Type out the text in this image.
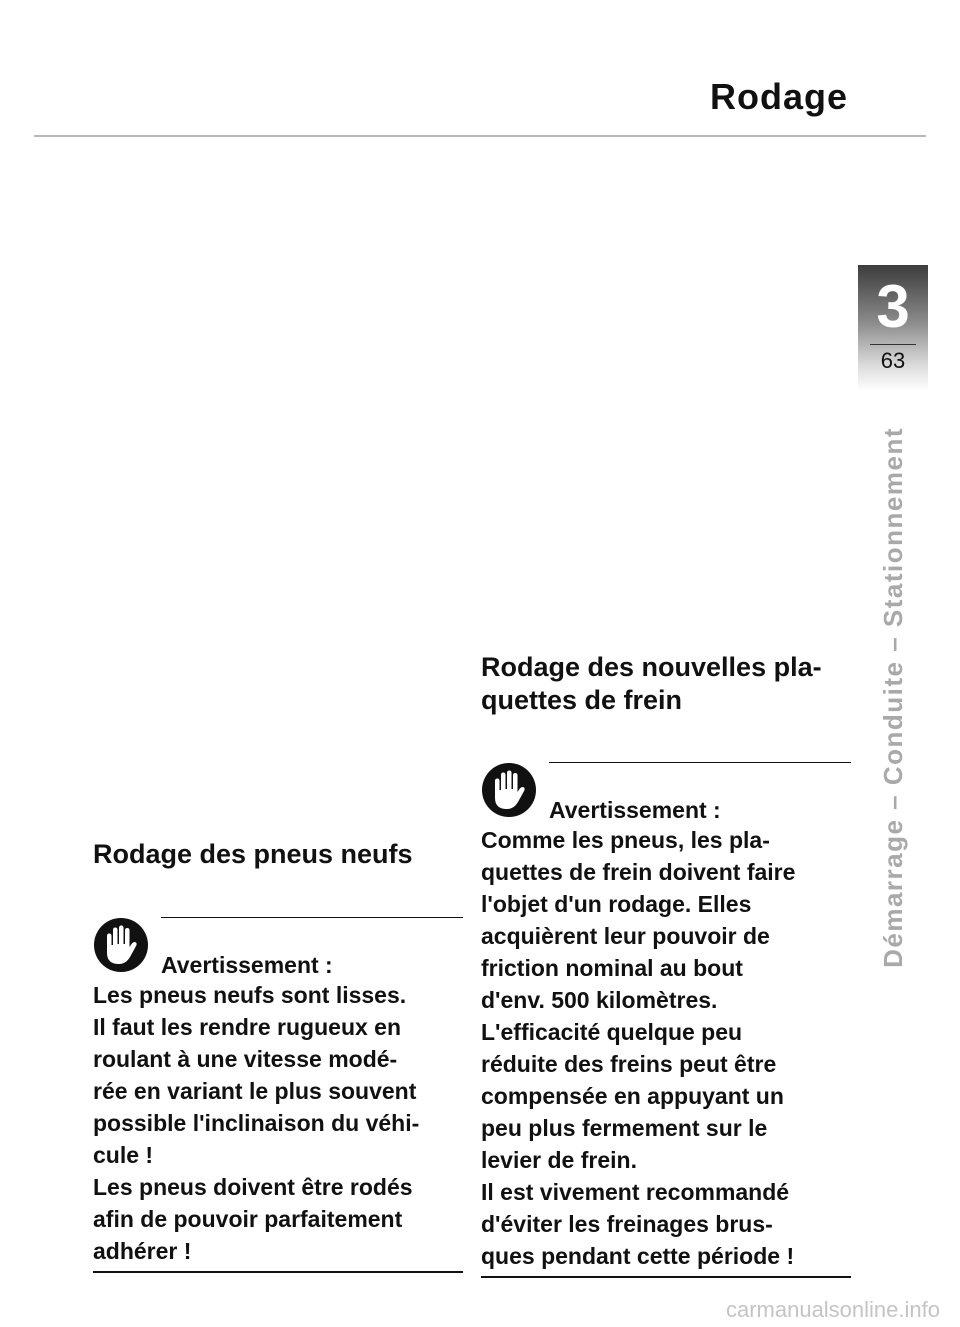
Rodage
3
63
Démarrage – Conduite – Stationnement
Rodage des pneus neufs
Avertissement :

Les pneus neufs sont lisses.

Il faut les rendre rugueux en

roulant à une vitesse modé-

rée en variant le plus souvent

possible l'inclinaison du véhi-

cule !

Les pneus doivent être rodés

afin de pouvoir parfaitement

adhérer !

Rodage des nouvelles pla-
quettes de frein
Avertissement :

Comme les pneus, les pla-

quettes de frein doivent faire

l'objet d'un rodage. Elles

acquièrent leur pouvoir de

friction nominal au bout

d'env. 500 kilomètres.

L'efficacité quelque peu

réduite des freins peut être

compensée en appuyant un

peu plus fermement sur le

levier de frein.

Il est vivement recommandé

d'éviter les freinages brus-

ques pendant cette période !

carmanualsonline.info
